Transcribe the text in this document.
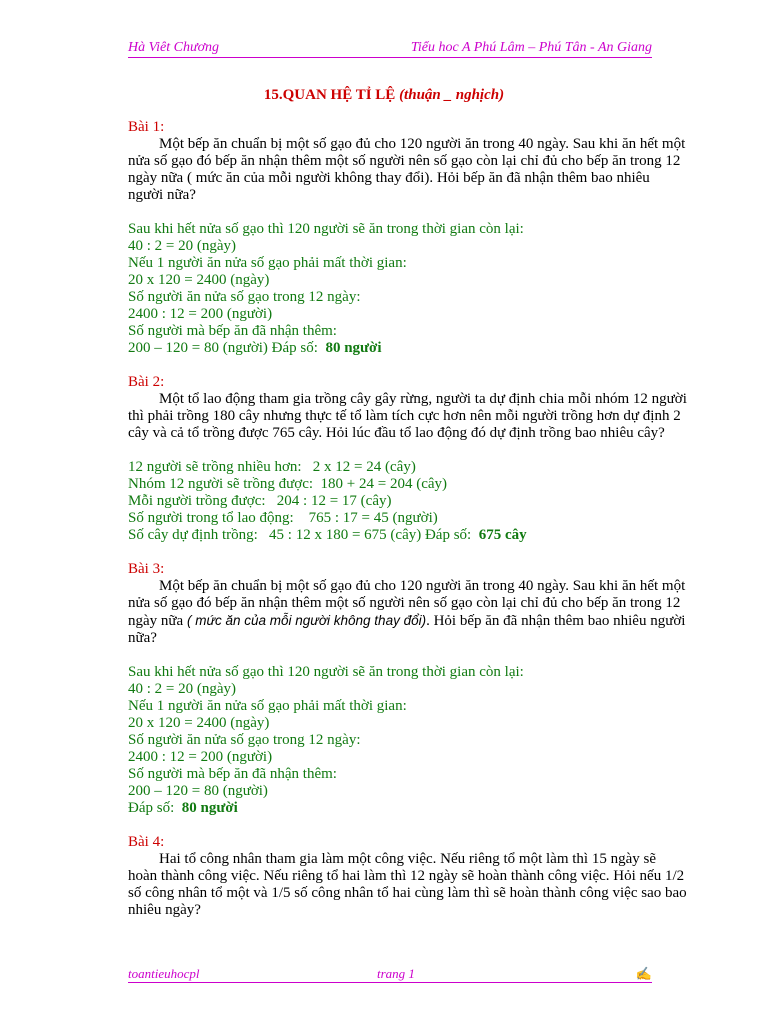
Hà Viêt Chương	Tiểu hoc A Phú Lâm – Phú Tân - An Giang
15.QUAN HỆ TỈ LỆ (thuận _ nghịch)
Bài 1:

Một bếp ăn chuẩn bị một số gạo đủ cho 120 người ăn trong 40 ngày. Sau khi ăn hết một nửa số gạo đó bếp ăn nhận thêm một số người nên số gạo còn lại chỉ đủ cho bếp ăn trong 12 ngày nữa ( mức ăn của mỗi người không thay đổi). Hỏi bếp ăn đã nhận thêm bao nhiêu người nữa?

Sau khi hết nửa số gạo thì 120 người sẽ ăn trong thời gian còn lại:
40 : 2 = 20 (ngày)
Nếu 1 người ăn nửa số gạo phải mất thời gian:
20 x 120 = 2400 (ngày)
Số người ăn nửa số gạo trong 12 ngày:
2400 : 12 = 200 (người)
Số người mà bếp ăn đã nhận thêm:
200 – 120 = 80 (người) Đáp số:  80 người
Bài 2:

Một tổ lao động tham gia trồng cây gây rừng, người ta dự định chia mỗi nhóm 12 người thì phải trồng 180 cây nhưng thực tế tổ làm tích cực hơn nên mỗi người trồng hơn dự định 2 cây và cả tổ trồng được 765 cây. Hỏi lúc đầu tổ lao động đó dự định trồng bao nhiêu cây?

12 người sẽ trồng nhiều hơn:   2 x 12 = 24 (cây)
Nhóm 12 người sẽ trồng được:  180 + 24 = 204 (cây)
Mỗi người trồng được:   204 : 12 = 17 (cây)
Số người trong tổ lao động:    765 : 17 = 45 (người)
Số cây dự định trồng:   45 : 12 x 180 = 675 (cây) Đáp số:  675 cây
Bài 3:

Một bếp ăn chuẩn bị một số gạo đủ cho 120 người ăn trong 40 ngày. Sau khi ăn hết một nửa số gạo đó bếp ăn nhận thêm một số người nên số gạo còn lại chỉ đủ cho bếp ăn trong 12 ngày nữa ( mức ăn của mỗi người không thay đổi). Hỏi bếp ăn đã nhận thêm bao nhiêu người nữa?

Sau khi hết nửa số gạo thì 120 người sẽ ăn trong thời gian còn lại:
40 : 2 = 20 (ngày)
Nếu 1 người ăn nửa số gạo phải mất thời gian:
20 x 120 = 2400 (ngày)
Số người ăn nửa số gạo trong 12 ngày:
2400 : 12 = 200 (người)
Số người mà bếp ăn đã nhận thêm:
200 – 120 = 80 (người)
Đáp số:  80 người
Bài 4:

Hai tổ công nhân tham gia làm một công việc. Nếu riêng tổ một làm thì 15 ngày sẽ hoàn thành công việc. Nếu riêng tổ hai làm thì 12 ngày sẽ hoàn thành công việc. Hỏi nếu 1/2 số công nhân tổ một và 1/5 số công nhân tổ hai cùng làm thì sẽ hoàn thành công việc sao bao nhiêu ngày?

toantieuhocpl	trang 1	✍
